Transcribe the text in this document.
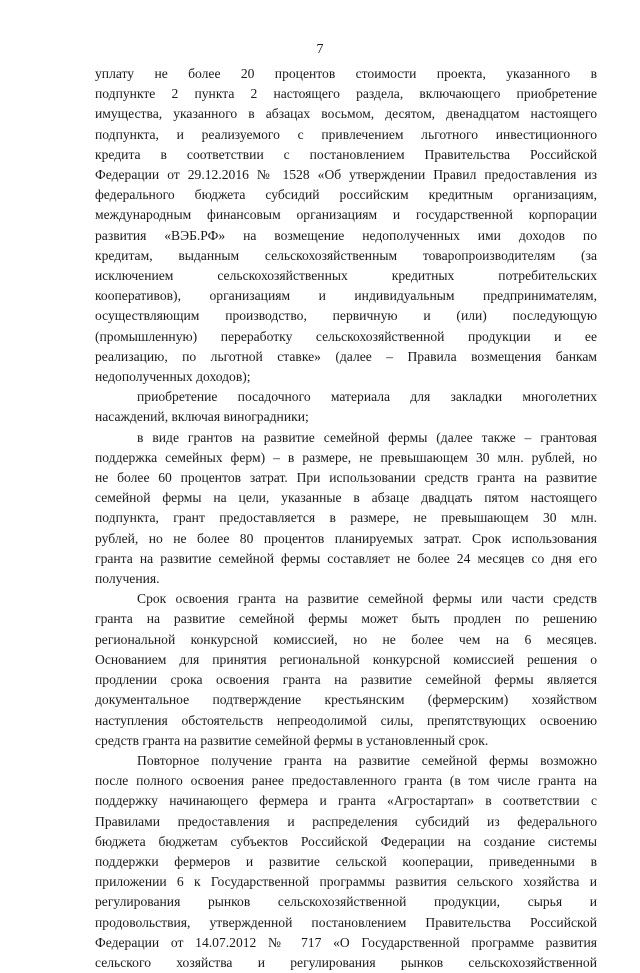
7
уплату не более 20 процентов стоимости проекта, указанного в
подпункте 2 пункта 2 настоящего раздела, включающего приобретение
имущества, указанного в абзацах восьмом, десятом, двенадцатом настоящего
подпункта, и реализуемого с привлечением льготного инвестиционного
кредита в соответствии с постановлением Правительства Российской
Федерации от 29.12.2016 № 1528 «Об утверждении Правил предоставления из
федерального бюджета субсидий российским кредитным организациям,
международным финансовым организациям и государственной корпорации
развития «ВЭБ.РФ» на возмещение недополученных ими доходов по
кредитам, выданным сельскохозяйственным товаропроизводителям (за
исключением сельскохозяйственных кредитных потребительских
кооперативов), организациям и индивидуальным предпринимателям,
осуществляющим производство, первичную и (или) последующую
(промышленную) переработку сельскохозяйственной продукции и ее
реализацию, по льготной ставке» (далее – Правила возмещения банкам
недополученных доходов);
приобретение посадочного материала для закладки многолетних
насаждений, включая виноградники;
в виде грантов на развитие семейной фермы (далее также – грантовая
поддержка семейных ферм) – в размере, не превышающем 30 млн. рублей, но
не более 60 процентов затрат. При использовании средств гранта на развитие
семейной фермы на цели, указанные в абзаце двадцать пятом настоящего
подпункта, грант предоставляется в размере, не превышающем 30 млн.
рублей, но не более 80 процентов планируемых затрат. Срок использования
гранта на развитие семейной фермы составляет не более 24 месяцев со дня его
получения.
Срок освоения гранта на развитие семейной фермы или части средств
гранта на развитие семейной фермы может быть продлен по решению
региональной конкурсной комиссией, но не более чем на 6 месяцев.
Основанием для принятия региональной конкурсной комиссией решения о
продлении срока освоения гранта на развитие семейной фермы является
документальное подтверждение крестьянским (фермерским) хозяйством
наступления обстоятельств непреодолимой силы, препятствующих освоению
средств гранта на развитие семейной фермы в установленный срок.
Повторное получение гранта на развитие семейной фермы возможно
после полного освоения ранее предоставленного гранта (в том числе гранта на
поддержку начинающего фермера и гранта «Агростартап» в соответствии с
Правилами предоставления и распределения субсидий из федерального
бюджета бюджетам субъектов Российской Федерации на создание системы
поддержки фермеров и развитие сельской кооперации, приведенными в
приложении 6 к Государственной программы развития сельского хозяйства и
регулирования рынков сельскохозяйственной продукции, сырья и
продовольствия, утвержденной постановлением Правительства Российской
Федерации от 14.07.2012 № 717 «О Государственной программе развития
сельского хозяйства и регулирования рынков сельскохозяйственной
